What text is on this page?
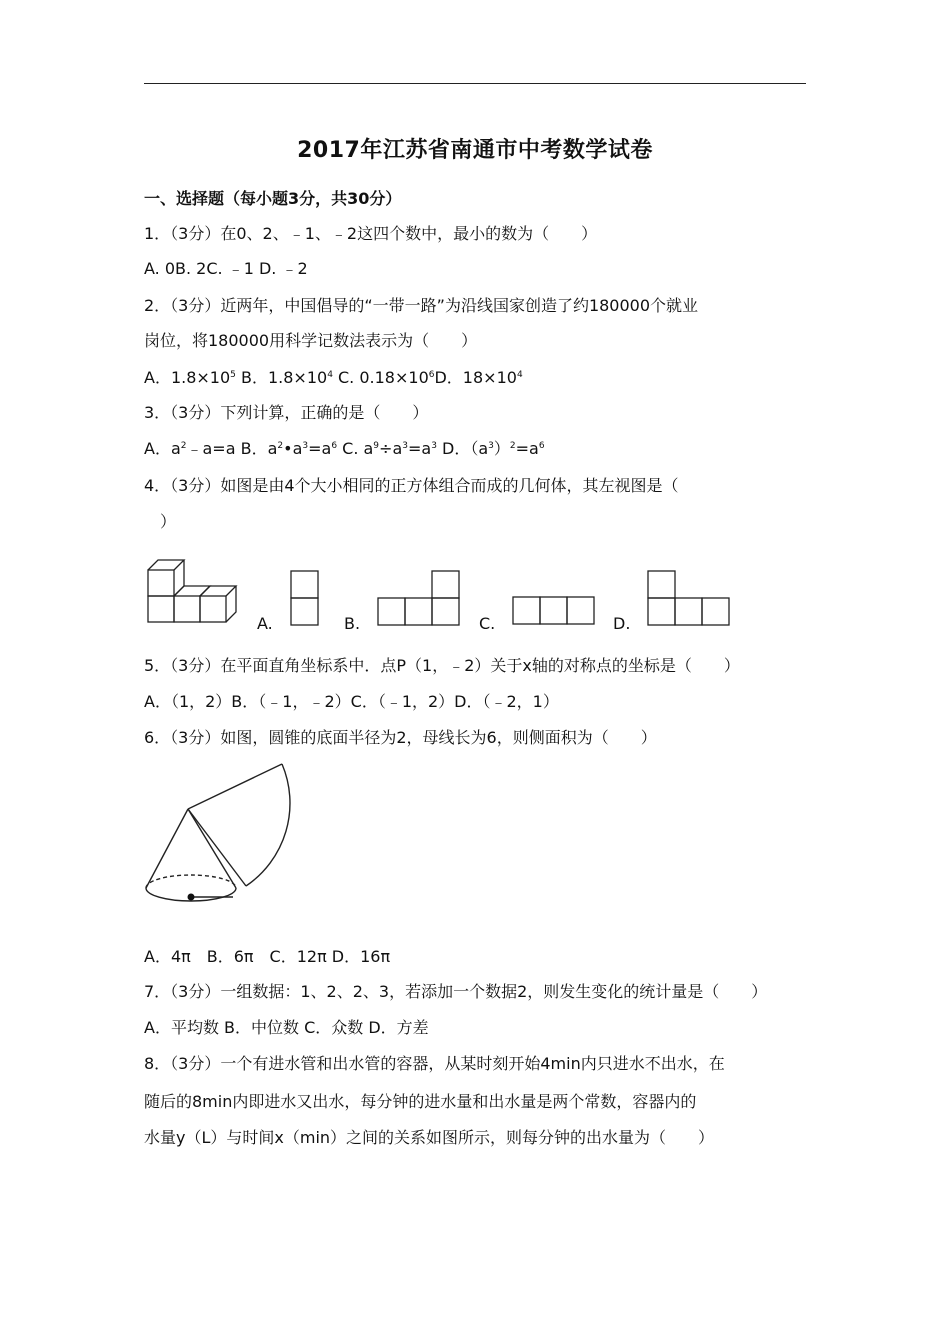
2017年江苏省南通市中考数学试卷
一、选择题（每小题3分，共30分）
1．（3分）在0、2、﹣1、﹣2这四个数中，最小的数为（　　）
A. 0B. 2C. ﹣1 D. ﹣2
2．（3分）近两年，中国倡导的“一带一路”为沿线国家创造了约180000个就业
岗位，将180000用科学记数法表示为（　　）
A．$1.8\times 10^5$ B．$1.8\times 10^4$ C. $0.18\times 10^6D$．$18\times 10^4$
3．（3分）下列计算，正确的是（　　）
A．$a^2﹣a=a$ B．$a^2•a^3=a^6$ C. $a^9\div a^3=a^3$ D．$(a^3)^2=a^6$
4．（3分）如图是由4个大小相同的正方体组合而成的几何体，其左视图是（
）
A.	B.	C.	D.
5．（3分）在平面直角坐标系中．点P（1，﹣2）关于x轴的对称点的坐标是（　　）
A．（1，2）B．（﹣1，﹣2）C．（﹣1，2）D．（﹣2，1）
6．（3分）如图，圆锥的底面半径为2，母线长为6，则侧面积为（　　）
A．4π　B．6π　C．12π D．16π
7．（3分）一组数据：1、2、2、3，若添加一个数据2，则发生变化的统计量是（　　）
A．平均数 B．中位数 C．众数 D．方差
8．（3分）一个有进水管和出水管的容器，从某时刻开始4min内只进水不出水，在
随后的8min内即进水又出水，每分钟的进水量和出水量是两个常数，容器内的
水量y（L）与时间x（min）之间的关系如图所示，则每分钟的出水量为（　　）
